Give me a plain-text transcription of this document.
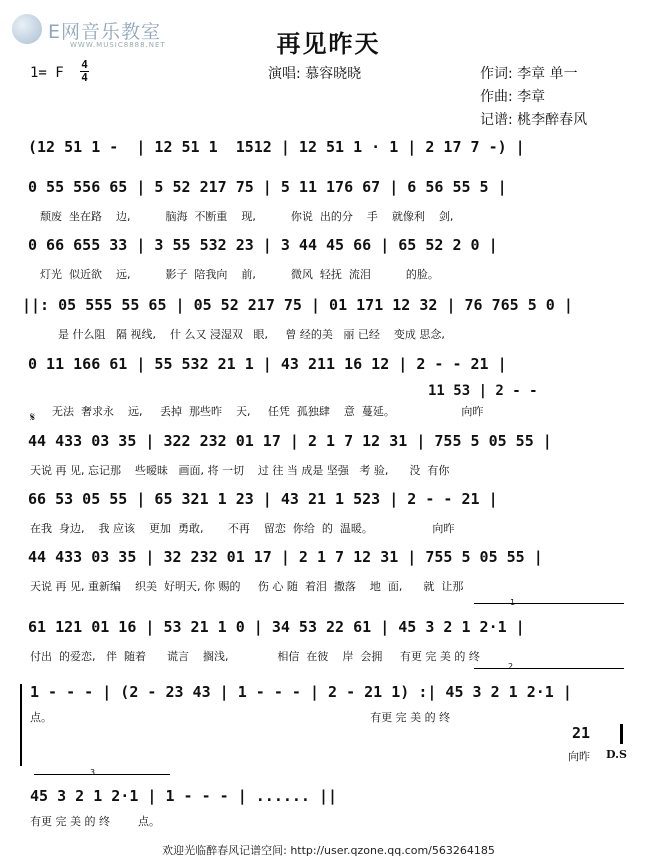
E网音乐教室
WWW.MUSIC8888.NET	再见昨天
1= F
4
4	演唱: 慕容晓晓	作词: 李章 单一
作曲: 李章
记谱: 桃李醉春风
(12 51 1 -  | 12 51 1  1512 | 12 51 1 · 1 | 2 17 7 -) |
0 55 556 65 | 5 52 217 75 | 5 11 176 67 | 6 56 55 5 |
颓废  坐在路    边,          脑海  不断重    现,          你说  出的分    手    就像利    剑,
0 66 655 33 | 3 55 532 23 | 3 44 45 66 | 65 52 2 0 |
灯光  似近欲    远,          影子  陪我向    前,          微风  轻抚  流泪          的脸。
||: 05 555 55 65 | 05 52 217 75 | 01 171 12 32 | 76 765 5 0 |
是 什么阻   隔 视线,    什 么又 浸湿双   眼,     曾 经的美   丽 已经    变成 思念,
0 11 166 61 | 55 532 21 1 | 43 211 16 12 | 2 - - 21 |
11 53 | 2 - -
无法  奢求永    远,     丢掉  那些昨    天,     任凭  孤独肆    意  蔓延。                   向昨
𝄋
44 433 03 35 | 322 232 01 17 | 2 1 7 12 31 | 755 5 05 55 |
天说 再 见, 忘记那    些暧昧   画面, 将 一切    过 往 当 成是 坚强   考 验,      没  有你
66 53 05 55 | 65 321 1 23 | 43 21 1 523 | 2 - - 21 |
在我  身边,    我 应该    更加  勇敢,       不再    留恋  你给  的  温暖。                 向昨
44 433 03 35 | 32 232 01 17 | 2 1 7 12 31 | 755 5 05 55 |
天说 再 见, 重新编    织美  好明天, 你 赐的     伤 心 随  着泪  撒落    地  面,      就  让那
1
61 121 01 16 | 53 21 1 0 | 34 53 22 61 | 45 3 2 1 2·1 |
付出  的爱恋,   伴  随着      谎言    搁浅,              相信  在彼    岸  会拥     有更 完 美 的 终
2
1 - - - | (2 - 23 43 | 1 - - - | 2 - 21 1) :| 45 3 2 1 2·1 |
点。                                                                                           有更 完 美 的 终
21
向昨 D.S
3
45 3 2 1 2·1 | 1 - - - | ...... ||
有更 完 美 的 终        点。
欢迎光临醉春风记谱空间: http://user.qzone.qq.com/563264185
